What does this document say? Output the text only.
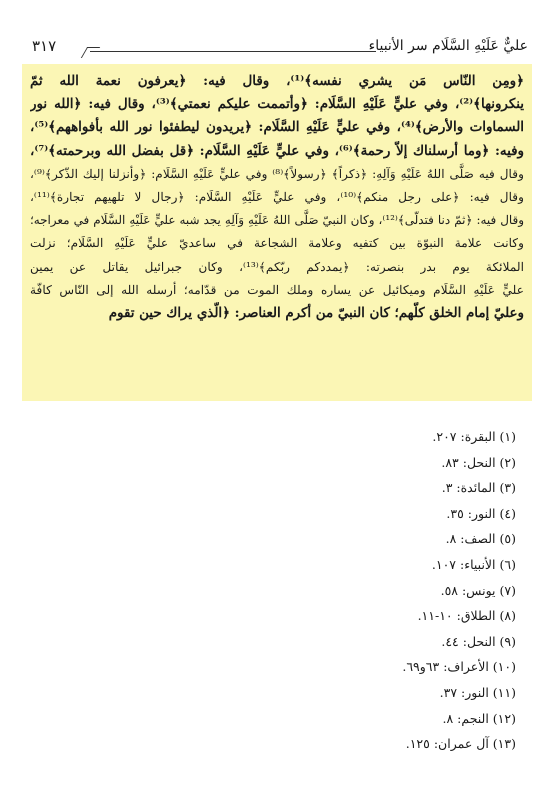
عليٌّ عَلَيْهِ السَّلَام سر الأنبياء
٣١٧
﴿ومِن النّاس مَن يشري نفسه﴾⁽¹⁾، وقال فيه: ﴿يعرفون نعمة الله ثمّ
ينكرونها﴾⁽²⁾، وفي عليٍّ عَلَيْهِ السَّلَام: ﴿وأتممت عليكم نعمتي﴾⁽³⁾، وقال فيه: ﴿الله نور
السماوات والأرض﴾⁽⁴⁾، وفي عليٍّ عَلَيْهِ السَّلَام: ﴿يريدون ليطفئوا نور الله بأفواههم﴾⁽⁵⁾،
وفيه: ﴿وما أرسلناك إلاّ رحمة﴾⁽⁶⁾، وفي عليٍّ عَلَيْهِ السَّلَام: ﴿قل بفضل الله وبرحمته﴾⁽⁷⁾،
وقال فيه صَلَّى اللهُ عَلَيْهِ وَآلِهِ: ﴿ذكراً﴾ ﴿رسولاً﴾⁽⁸⁾ وفي عليٍّ عَلَيْهِ السَّلَام: ﴿وأنزلنا إليك الذّكر﴾⁽⁹⁾،
وقال فيه: ﴿على رجل منكم﴾⁽¹⁰⁾، وفي عليٍّ عَلَيْهِ السَّلَام: ﴿رجال لا تلهيهم تجارة﴾⁽¹¹⁾،
وقال فيه: ﴿ثمّ دنا فتدلّى﴾⁽¹²⁾، وكان النبيّ صَلَّى اللهُ عَلَيْهِ وَآلِهِ يجد شبه عليٍّ عَلَيْهِ السَّلَام في معراجه؛
وكانت علامة النبوّة بين كتفيه وعلامة الشجاعة في ساعديّ عليٍّ عَلَيْهِ السَّلَام؛ نزلت
الملائكة يوم بدر بنصرته: ﴿يمددكم ربّكم﴾⁽¹³⁾، وكان جبرائيل يقاتل عن يمين
عليٍّ عَلَيْهِ السَّلَام وميكائيل عن يساره وملك الموت من قدّامه؛ أرسله الله إلى النّاس كافّة
وعليّ إمام الخلق كلّهم؛ كان النبيّ من أكرم العناصر: ﴿الّذي يراك حين تقوم
(١) البقرة: ٢٠٧.
(٢) النحل: ٨٣.
(٣) المائدة: ٣.
(٤) النور: ٣٥.
(٥) الصف: ٨.
(٦) الأنبياء: ١٠٧.
(٧) يونس: ٥٨.
(٨) الطلاق: ١٠-١١.
(٩) النحل: ٤٤.
(١٠) الأعراف: ٦٣و٦٩.
(١١) النور: ٣٧.
(١٢) النجم: ٨.
(١٣) آل عمران: ١٢٥.
